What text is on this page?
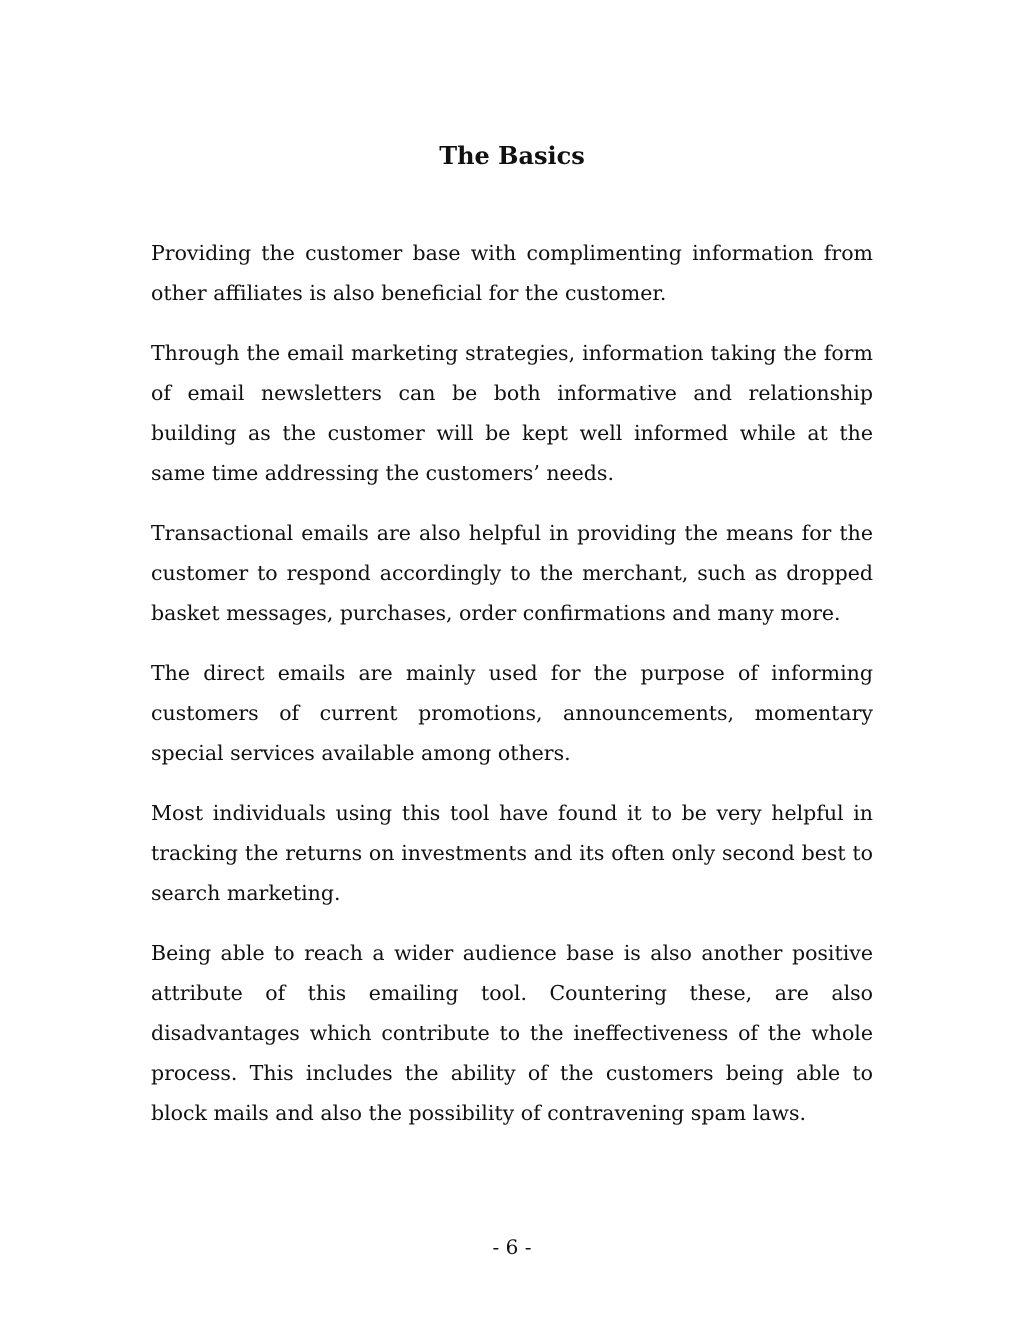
The Basics

Providing the customer base with complimenting information from other affiliates is also beneficial for the customer.

Through the email marketing strategies, information taking the form of email newsletters can be both informative and relationship building as the customer will be kept well informed while at the same time addressing the customers’ needs.

Transactional emails are also helpful in providing the means for the customer to respond accordingly to the merchant, such as dropped basket messages, purchases, order confirmations and many more.

The direct emails are mainly used for the purpose of informing customers of current promotions, announcements, momentary special services available among others.

Most individuals using this tool have found it to be very helpful in tracking the returns on investments and its often only second best to search marketing.

Being able to reach a wider audience base is also another positive attribute of this emailing tool. Countering these, are also disadvantages which contribute to the ineffectiveness of the whole process. This includes the ability of the customers being able to block mails and also the possibility of contravening spam laws.

- 6 -
